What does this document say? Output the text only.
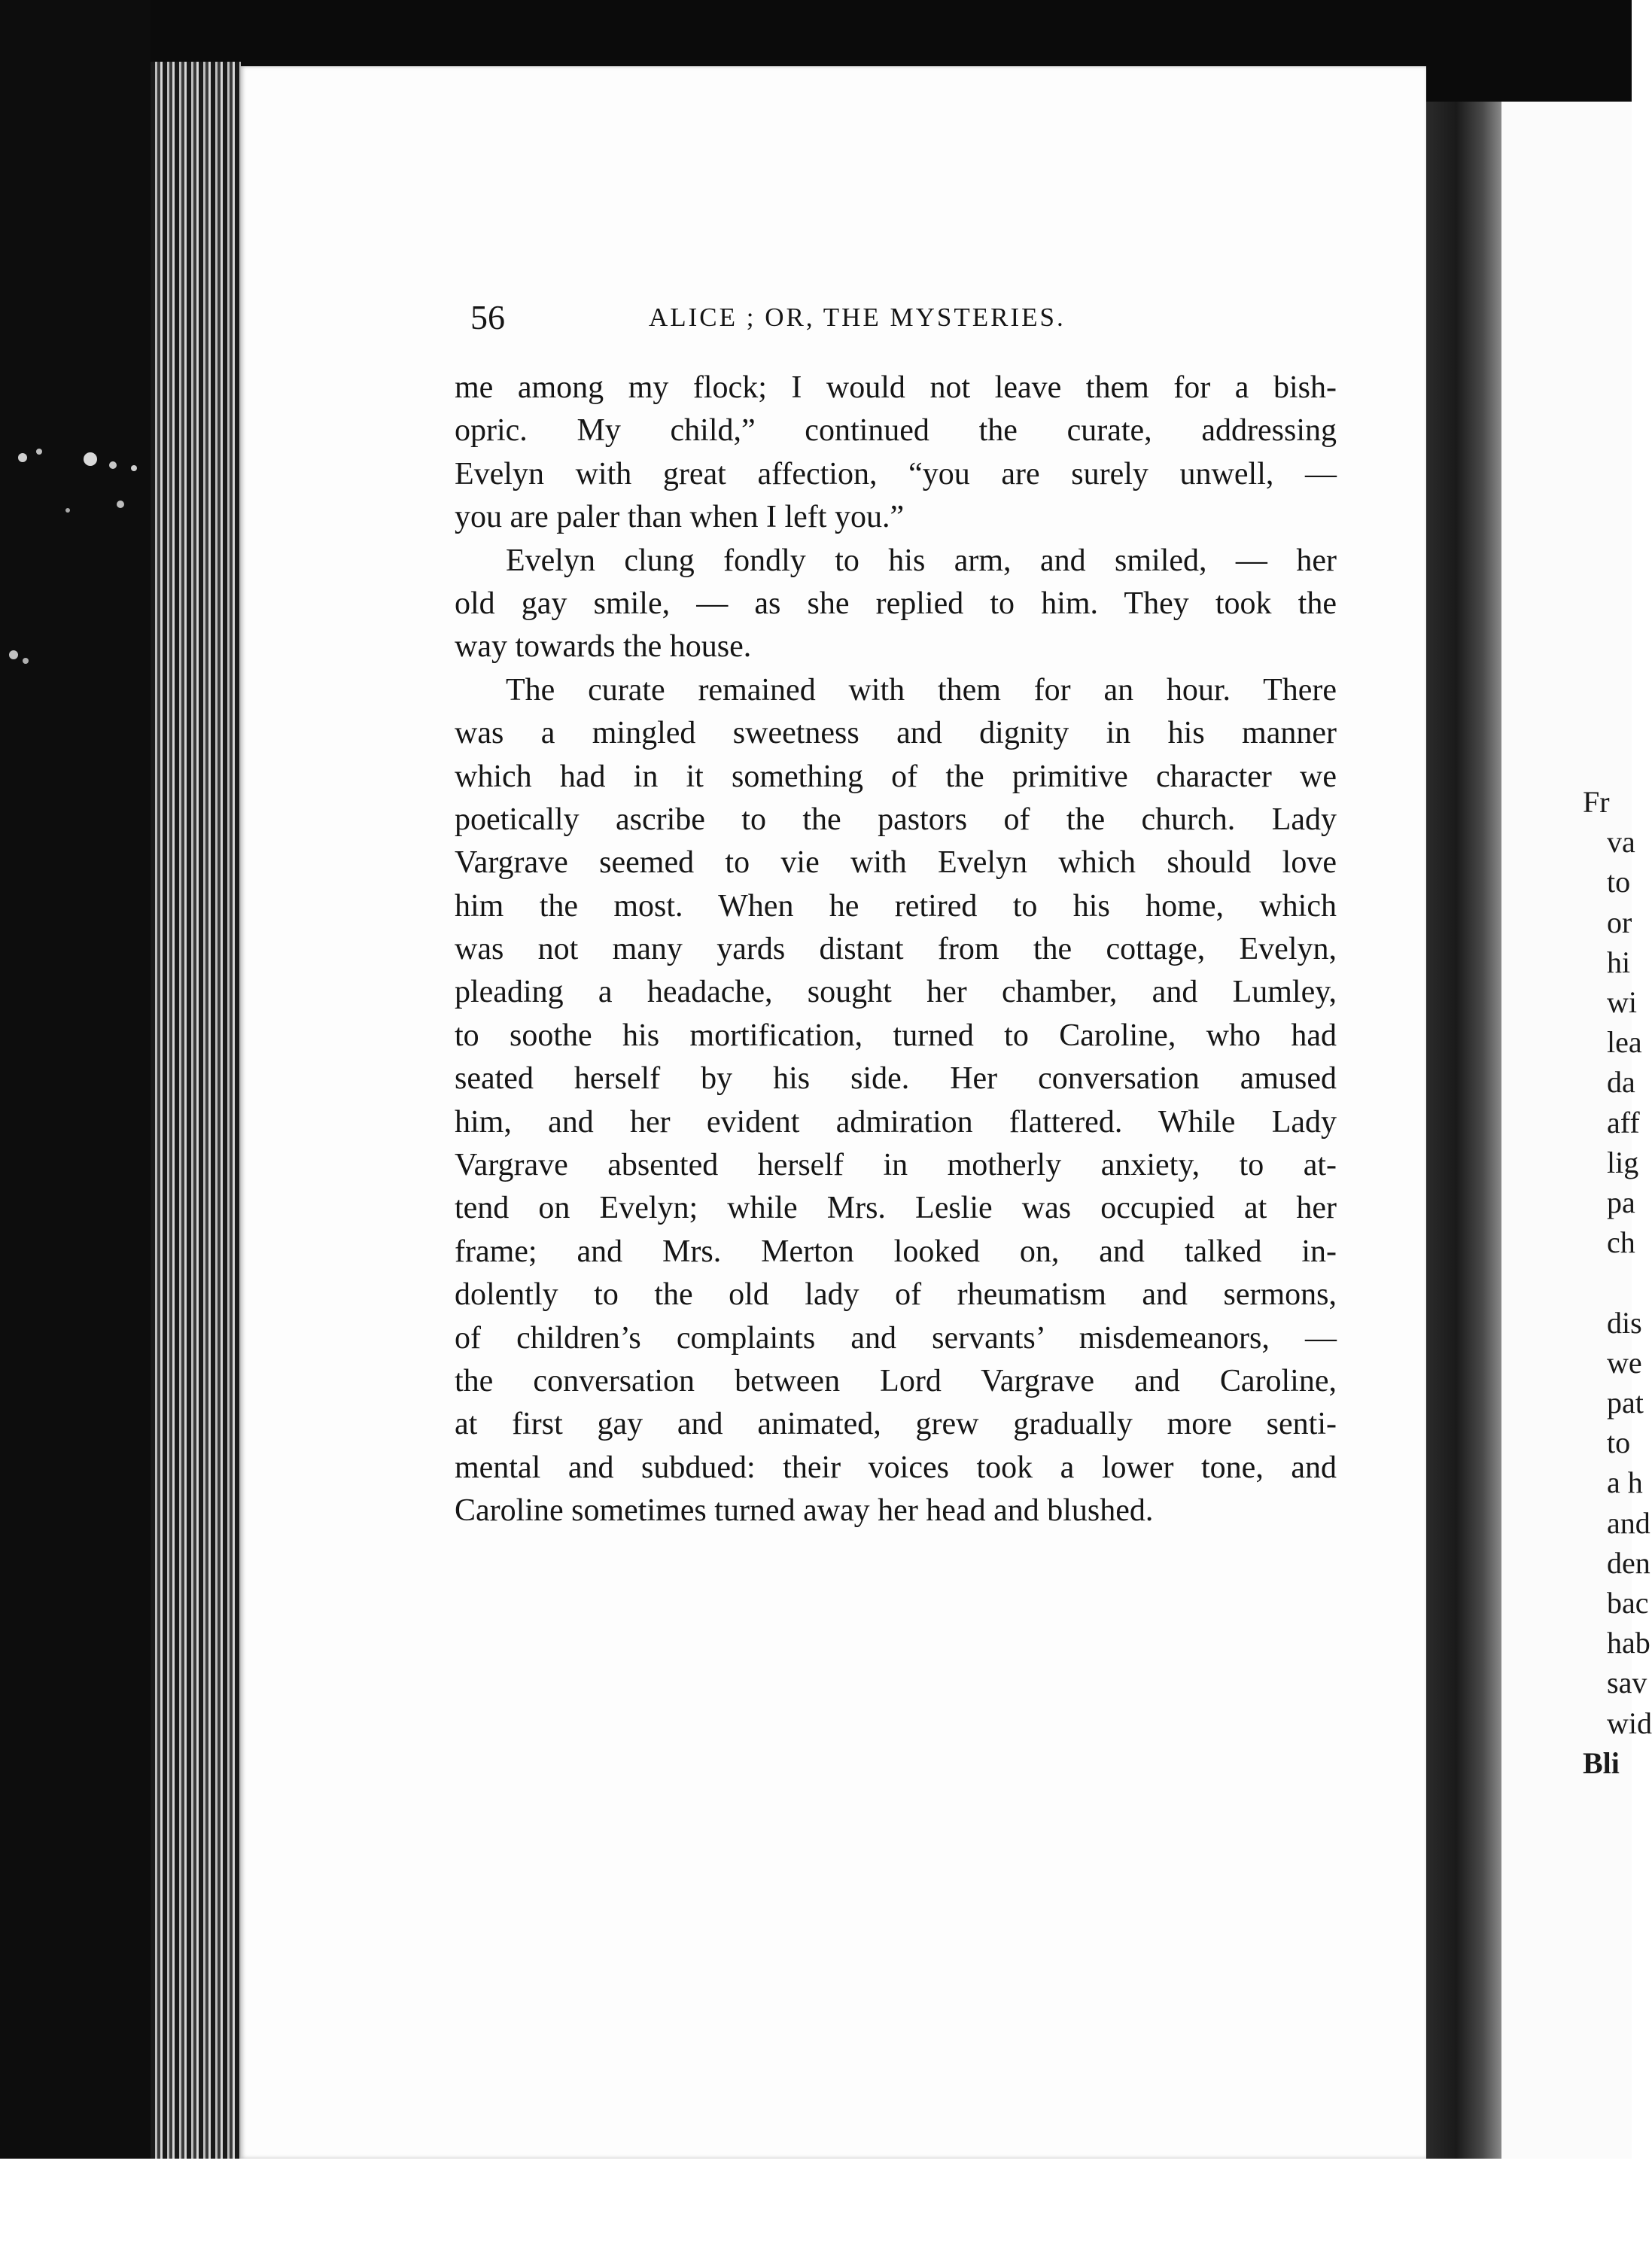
56	ALICE ; OR, THE MYSTERIES.
me among my flock; I would not leave them for a bish-
opric. My child,” continued the curate, addressing
Evelyn with great affection, “you are surely unwell, —
you are paler than when I left you.”
Evelyn clung fondly to his arm, and smiled, — her
old gay smile, — as she replied to him. They took the
way towards the house.
The curate remained with them for an hour. There
was a mingled sweetness and dignity in his manner
which had in it something of the primitive character we
poetically ascribe to the pastors of the church. Lady
Vargrave seemed to vie with Evelyn which should love
him the most. When he retired to his home, which
was not many yards distant from the cottage, Evelyn,
pleading a headache, sought her chamber, and Lumley,
to soothe his mortification, turned to Caroline, who had
seated herself by his side. Her conversation amused
him, and her evident admiration flattered. While Lady
Vargrave absented herself in motherly anxiety, to at-
tend on Evelyn; while Mrs. Leslie was occupied at her
frame; and Mrs. Merton looked on, and talked in-
dolently to the old lady of rheumatism and sermons,
of children’s complaints and servants’ misdemeanors, —
the conversation between Lord Vargrave and Caroline,
at first gay and animated, grew gradually more senti-
mental and subdued: their voices took a lower tone, and
Caroline sometimes turned away her head and blushed.
Fr
va
to
or
hi
wi
lea
da
aff
lig
pa
ch
dis
we
pat
to
a h
and
den
bac
hab
sav
wid
Bli
